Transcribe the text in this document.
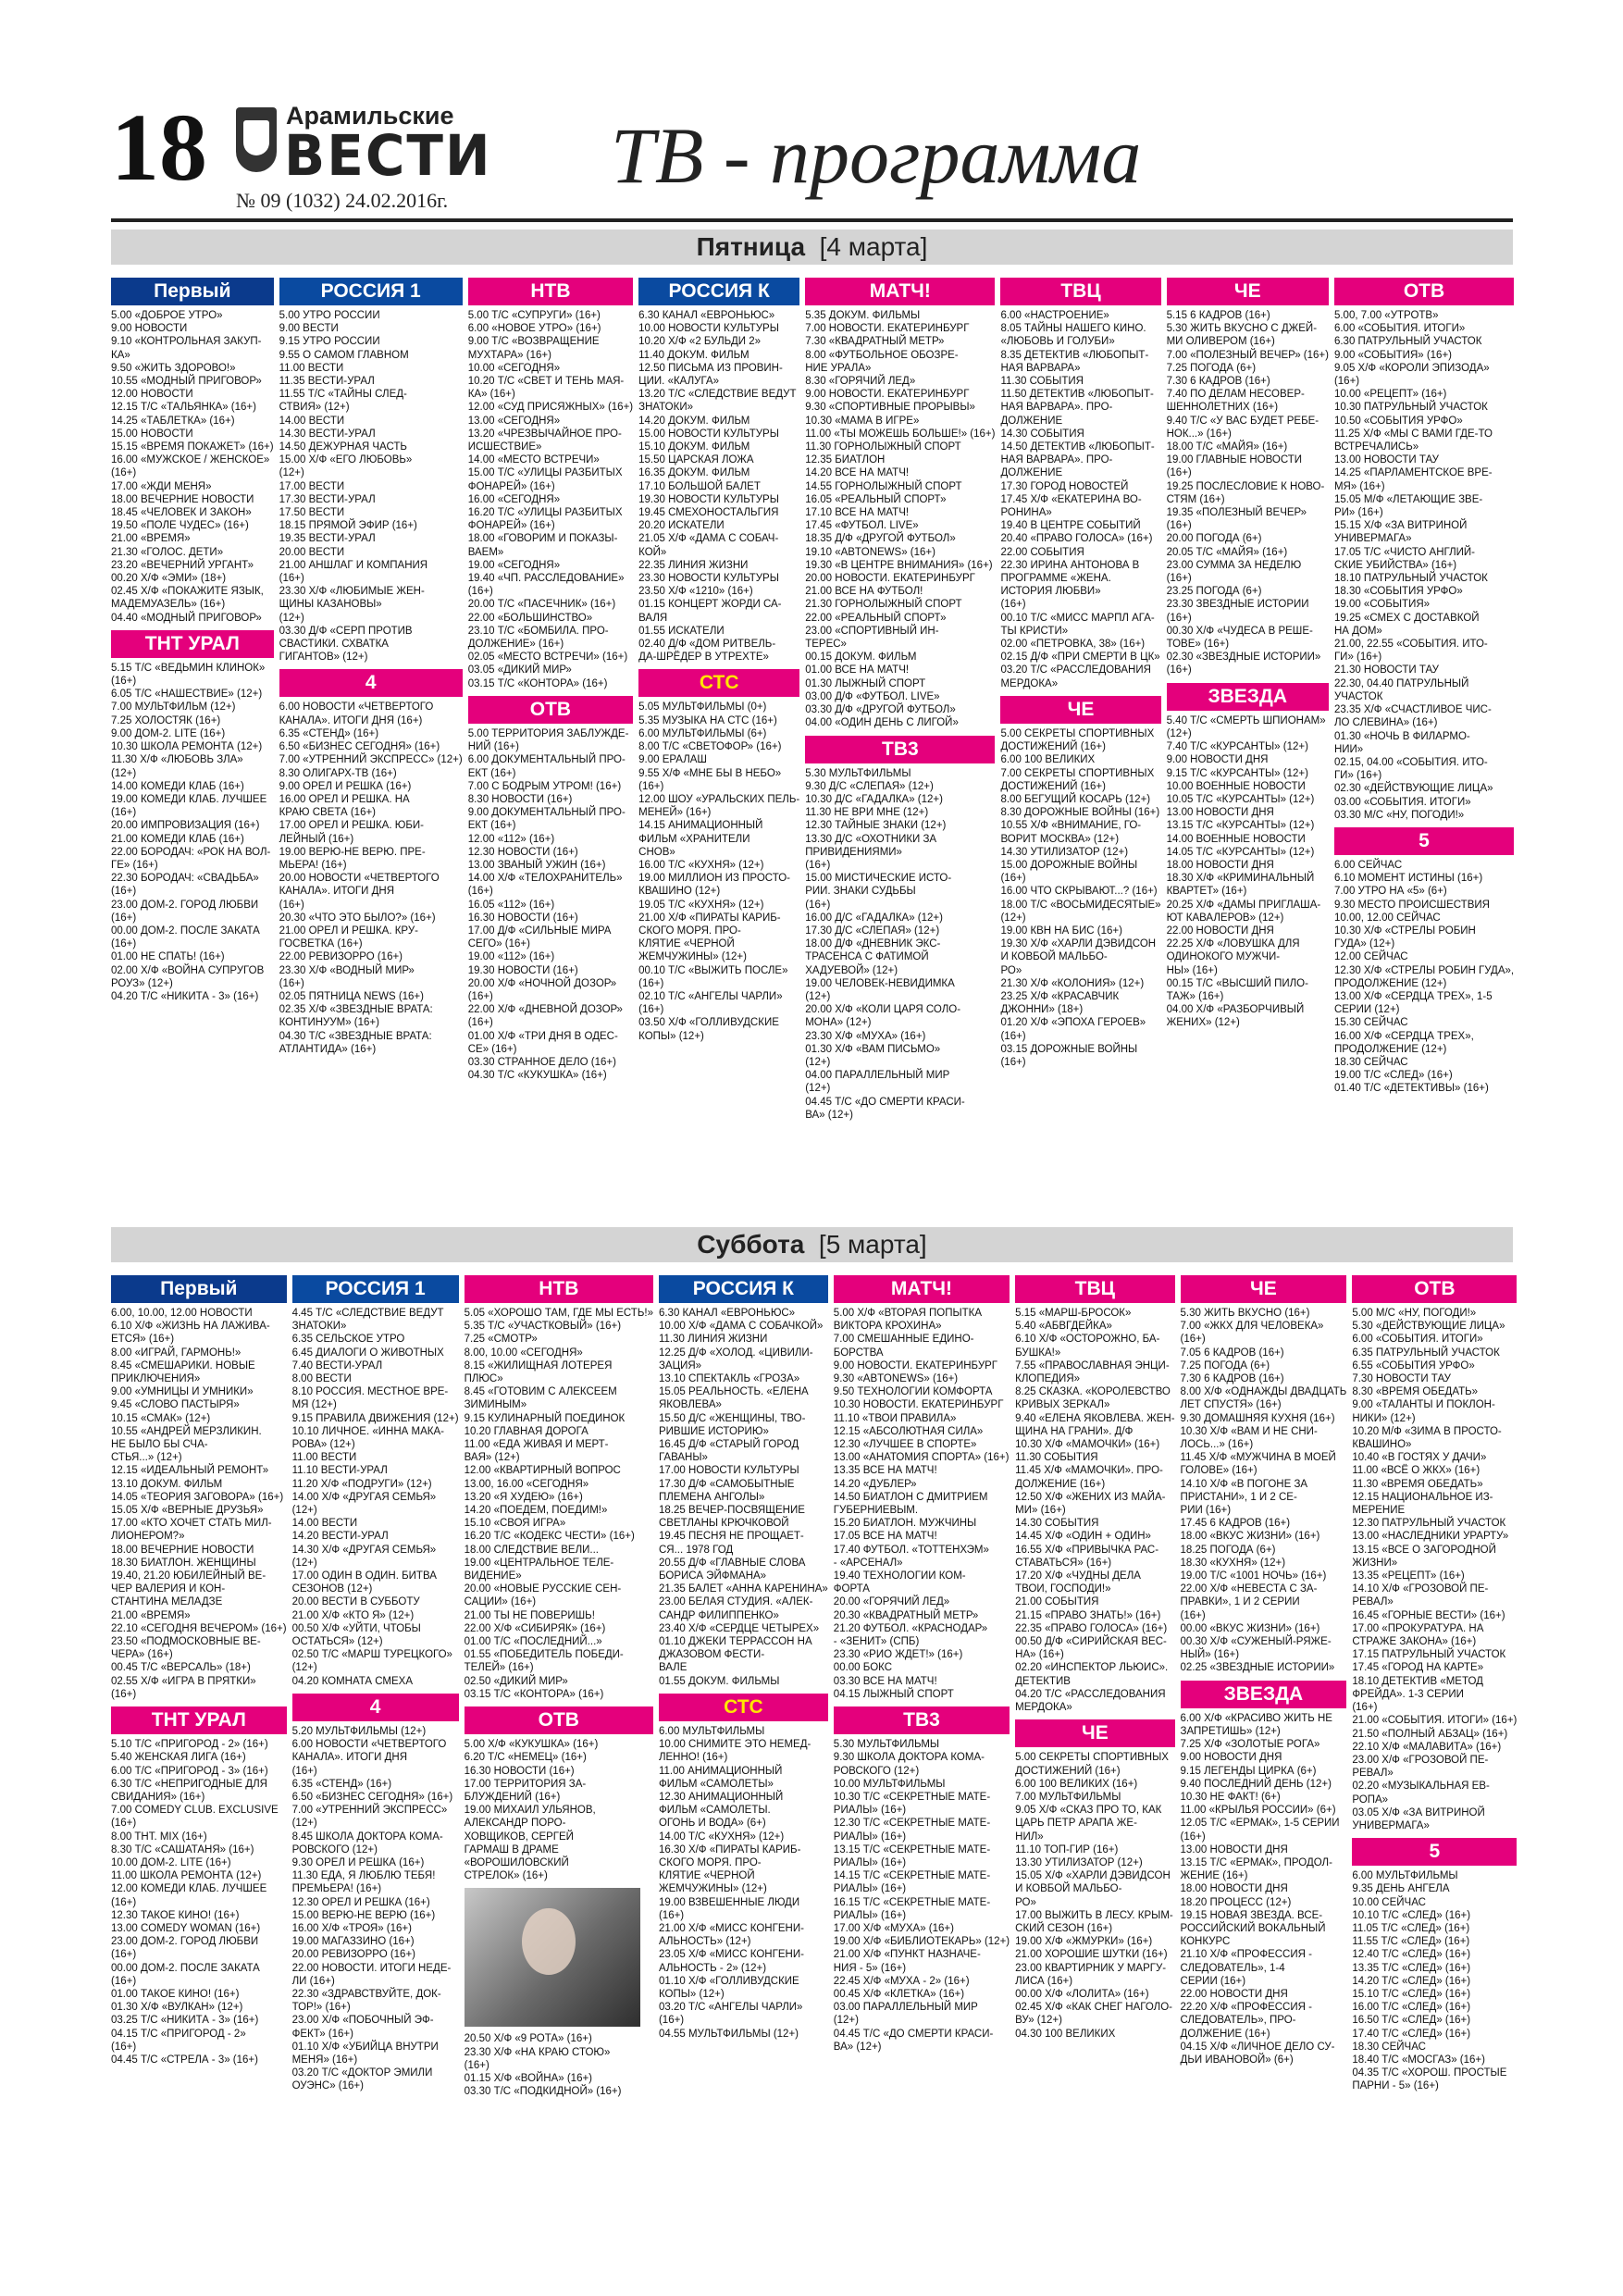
18	Арамильские
ВЕСТИ
№ 09 (1032) 24.02.2016г.
ТВ - программа
Пятница [4 марта]
Первый
5.00 «ДОБРОЕ УТРО»
9.00 НОВОСТИ
9.10 «КОНТРОЛЬНАЯ ЗАКУП-
КА»
9.50 «ЖИТЬ ЗДОРОВО!»
10.55 «МОДНЫЙ ПРИГОВОР»
12.00 НОВОСТИ
12.15 Т/С «ТАЛЬЯНКА» (16+)
14.25 «ТАБЛЕТКА» (16+)
15.00 НОВОСТИ
15.15 «ВРЕМЯ ПОКАЖЕТ» (16+)
16.00 «МУЖСКОЕ / ЖЕНСКОЕ»
(16+)
17.00 «ЖДИ МЕНЯ»
18.00 ВЕЧЕРНИЕ НОВОСТИ
18.45 «ЧЕЛОВЕК И ЗАКОН»
19.50 «ПОЛЕ ЧУДЕС» (16+)
21.00 «ВРЕМЯ»
21.30 «ГОЛОС. ДЕТИ»
23.20 «ВЕЧЕРНИЙ УРГАНТ»
00.20 Х/Ф «ЭМИ» (18+)
02.45 Х/Ф «ПОКАЖИТЕ ЯЗЫК,
МАДЕМУАЗЕЛЬ» (16+)
04.40 «МОДНЫЙ ПРИГОВОР»
ТНТ УРАЛ
5.15 Т/С «ВЕДЬМИН КЛИНОК»
(16+)
6.05 Т/С «НАШЕСТВИЕ» (12+)
7.00 МУЛЬТФИЛЬМ (12+)
7.25 ХОЛОСТЯК (16+)
9.00 ДОМ-2. LITE (16+)
10.30 ШКОЛА РЕМОНТА (12+)
11.30 Х/Ф «ЛЮБОВЬ ЗЛА»
(12+)
14.00 КОМЕДИ КЛАБ (16+)
19.00 КОМЕДИ КЛАБ. ЛУЧШЕЕ
(16+)
20.00 ИМПРОВИЗАЦИЯ (16+)
21.00 КОМЕДИ КЛАБ (16+)
22.00 БОРОДАЧ: «РОК НА ВОЛ-
ГЕ» (16+)
22.30 БОРОДАЧ: «СВАДЬБА»
(16+)
23.00 ДОМ-2. ГОРОД ЛЮБВИ
(16+)
00.00 ДОМ-2. ПОСЛЕ ЗАКАТА
(16+)
01.00 НЕ СПАТЬ! (16+)
02.00 Х/Ф «ВОЙНА СУПРУГОВ
РОУЗ» (12+)
04.20 Т/С «НИКИТА - 3» (16+)
РОССИЯ 1
5.00 УТРО РОССИИ
9.00 ВЕСТИ
9.15 УТРО РОССИИ
9.55 О САМОМ ГЛАВНОМ
11.00 ВЕСТИ
11.35 ВЕСТИ-УРАЛ
11.55 Т/С «ТАЙНЫ СЛЕД-
СТВИЯ» (12+)
14.00 ВЕСТИ
14.30 ВЕСТИ-УРАЛ
14.50 ДЕЖУРНАЯ ЧАСТЬ
15.00 Х/Ф «ЕГО ЛЮБОВЬ»
(12+)
17.00 ВЕСТИ
17.30 ВЕСТИ-УРАЛ
17.50 ВЕСТИ
18.15 ПРЯМОЙ ЭФИР (16+)
19.35 ВЕСТИ-УРАЛ
20.00 ВЕСТИ
21.00 АНШЛАГ И КОМПАНИЯ
(16+)
23.30 Х/Ф «ЛЮБИМЫЕ ЖЕН-
ЩИНЫ КАЗАНОВЫ»
(12+)
03.30 Д/Ф «СЕРП ПРОТИВ
СВАСТИКИ. СХВАТКА
ГИГАНТОВ» (12+)
4
6.00 НОВОСТИ «ЧЕТВЕРТОГО
КАНАЛА». ИТОГИ ДНЯ (16+)
6.35 «СТЕНД» (16+)
6.50 «БИЗНЕС СЕГОДНЯ» (16+)
7.00 «УТРЕННИЙ ЭКСПРЕСС» (12+)
8.30 ОЛИГАРХ-ТВ (16+)
9.00 ОРЕЛ И РЕШКА (16+)
16.00 ОРЕЛ И РЕШКА. НА
КРАЮ СВЕТА (16+)
17.00 ОРЕЛ И РЕШКА. ЮБИ-
ЛЕЙНЫЙ (16+)
19.00 ВЕРЮ-НЕ ВЕРЮ. ПРЕ-
МЬЕРА! (16+)
20.00 НОВОСТИ «ЧЕТВЕРТОГО
КАНАЛА». ИТОГИ ДНЯ
(16+)
20.30 «ЧТО ЭТО БЫЛО?» (16+)
21.00 ОРЕЛ И РЕШКА. КРУ-
ГОСВЕТКА (16+)
22.00 РЕВИЗОРРО (16+)
23.30 Х/Ф «ВОДНЫЙ МИР»
(16+)
02.05 ПЯТНИЦА NEWS (16+)
02.35 Х/Ф «ЗВЕЗДНЫЕ ВРАТА:
КОНТИНУУМ» (16+)
04.30 Т/С «ЗВЕЗДНЫЕ ВРАТА:
АТЛАНТИДА» (16+)
НТВ
5.00 Т/С «СУПРУГИ» (16+)
6.00 «НОВОЕ УТРО» (16+)
9.00 Т/С «ВОЗВРАЩЕНИЕ
МУХТАРА» (16+)
10.00 «СЕГОДНЯ»
10.20 Т/С «СВЕТ И ТЕНЬ МАЯ-
КА» (16+)
12.00 «СУД ПРИСЯЖНЫХ» (16+)
13.00 «СЕГОДНЯ»
13.20 «ЧРЕЗВЫЧАЙНОЕ ПРО-
ИСШЕСТВИЕ»
14.00 «МЕСТО ВСТРЕЧИ»
15.00 Т/С «УЛИЦЫ РАЗБИТЫХ
ФОНАРЕЙ» (16+)
16.00 «СЕГОДНЯ»
16.20 Т/С «УЛИЦЫ РАЗБИТЫХ
ФОНАРЕЙ» (16+)
18.00 «ГОВОРИМ И ПОКАЗЫ-
ВАЕМ»
19.00 «СЕГОДНЯ»
19.40 «ЧП. РАССЛЕДОВАНИЕ»
(16+)
20.00 Т/С «ПАСЕЧНИК» (16+)
22.00 «БОЛЬШИНСТВО»
23.10 Т/С «БОМБИЛА. ПРО-
ДОЛЖЕНИЕ» (16+)
02.05 «МЕСТО ВСТРЕЧИ» (16+)
03.05 «ДИКИЙ МИР»
03.15 Т/С «КОНТОРА» (16+)
ОТВ
5.00 ТЕРРИТОРИЯ ЗАБЛУЖДЕ-
НИЙ (16+)
6.00 ДОКУМЕНТАЛЬНЫЙ ПРО-
ЕКТ (16+)
7.00 С БОДРЫМ УТРОМ! (16+)
8.30 НОВОСТИ (16+)
9.00 ДОКУМЕНТАЛЬНЫЙ ПРО-
ЕКТ (16+)
12.00 «112» (16+)
12.30 НОВОСТИ (16+)
13.00 ЗВАНЫЙ УЖИН (16+)
14.00 Х/Ф «ТЕЛОХРАНИТЕЛЬ»
(16+)
16.05 «112» (16+)
16.30 НОВОСТИ (16+)
17.00 Д/Ф «СИЛЬНЫЕ МИРА
СЕГО» (16+)
19.00 «112» (16+)
19.30 НОВОСТИ (16+)
20.00 Х/Ф «НОЧНОЙ ДОЗОР»
(16+)
22.00 Х/Ф «ДНЕВНОЙ ДОЗОР»
(16+)
01.00 Х/Ф «ТРИ ДНЯ В ОДЕС-
СЕ» (16+)
03.30 СТРАННОЕ ДЕЛО (16+)
04.30 Т/С «КУКУШКА» (16+)
РОССИЯ К
6.30 КАНАЛ «ЕВРОНЬЮС»
10.00 НОВОСТИ КУЛЬТУРЫ
10.20 Х/Ф «2 БУЛЬДИ 2»
11.40 ДОКУМ. ФИЛЬМ
12.50 ПИСЬМА ИЗ ПРОВИН-
ЦИИ. «КАЛУГА»
13.20 Т/С «СЛЕДСТВИЕ ВЕДУТ
ЗНАТОКИ»
14.20 ДОКУМ. ФИЛЬМ
15.00 НОВОСТИ КУЛЬТУРЫ
15.10 ДОКУМ. ФИЛЬМ
15.50 ЦАРСКАЯ ЛОЖА
16.35 ДОКУМ. ФИЛЬМ
17.10 БОЛЬШОЙ БАЛЕТ
19.30 НОВОСТИ КУЛЬТУРЫ
19.45 СМЕХОНОСТАЛЬГИЯ
20.20 ИСКАТЕЛИ
21.05 Х/Ф «ДАМА С СОБАЧ-
КОЙ»
22.35 ЛИНИЯ ЖИЗНИ
23.30 НОВОСТИ КУЛЬТУРЫ
23.50 Х/Ф «1210» (16+)
01.15 КОНЦЕРТ ЖОРДИ СА-
ВАЛЯ
01.55 ИСКАТЕЛИ
02.40 Д/Ф «ДОМ РИТВЕЛЬ-
ДА-ШРЁДЕР В УТРЕХТЕ»
СТС
5.05 МУЛЬТФИЛЬМЫ (0+)
5.35 МУЗЫКА НА СТС (16+)
6.00 МУЛЬТФИЛЬМЫ (6+)
8.00 Т/С «СВЕТОФОР» (16+)
9.00 ЕРАЛАШ
9.55 Х/Ф «МНЕ БЫ В НЕБО»
(16+)
12.00 ШОУ «УРАЛЬСКИХ ПЕЛЬ-
МЕНЕЙ» (16+)
14.15 АНИМАЦИОННЫЙ
ФИЛЬМ «ХРАНИТЕЛИ
СНОВ»
16.00 Т/С «КУХНЯ» (12+)
19.00 МИЛЛИОН ИЗ ПРОСТО-
КВАШИНО (12+)
19.05 Т/С «КУХНЯ» (12+)
21.00 Х/Ф «ПИРАТЫ КАРИБ-
СКОГО МОРЯ. ПРО-
КЛЯТИЕ «ЧЕРНОЙ
ЖЕМЧУЖИНЫ» (12+)
00.10 Т/С «ВЫЖИТЬ ПОСЛЕ»
(16+)
02.10 Т/С «АНГЕЛЫ ЧАРЛИ»
(16+)
03.50 Х/Ф «ГОЛЛИВУДСКИЕ
КОПЫ» (12+)
МАТЧ!
5.35 ДОКУМ. ФИЛЬМЫ
7.00 НОВОСТИ. ЕКАТЕРИНБУРГ
7.30 «КВАДРАТНЫЙ МЕТР»
8.00 «ФУТБОЛЬНОЕ ОБОЗРЕ-
НИЕ УРАЛА»
8.30 «ГОРЯЧИЙ ЛЕД»
9.00 НОВОСТИ. ЕКАТЕРИНБУРГ
9.30 «СПОРТИВНЫЕ ПРОРЫВЫ»
10.30 «МАМА В ИГРЕ»
11.00 «ТЫ МОЖЕШЬ БОЛЬШЕ!» (16+)
11.30 ГОРНОЛЫЖНЫЙ СПОРТ
12.35 БИАТЛОН
14.20 ВСЕ НА МАТЧ!
14.55 ГОРНОЛЫЖНЫЙ СПОРТ
16.05 «РЕАЛЬНЫЙ СПОРТ»
17.10 ВСЕ НА МАТЧ!
17.45 «ФУТБОЛ. LIVE»
18.35 Д/Ф «ДРУГОЙ ФУТБОЛ»
19.10 «ABTONEWS» (16+)
19.30 «В ЦЕНТРЕ ВНИМАНИЯ» (16+)
20.00 НОВОСТИ. ЕКАТЕРИНБУРГ
21.00 ВСЕ НА ФУТБОЛ!
21.30 ГОРНОЛЫЖНЫЙ СПОРТ
22.00 «РЕАЛЬНЫЙ СПОРТ»
23.00 «СПОРТИВНЫЙ ИН-
ТЕРЕС»
00.15 ДОКУМ. ФИЛЬМ
01.00 ВСЕ НА МАТЧ!
01.30 ЛЫЖНЫЙ СПОРТ
03.00 Д/Ф «ФУТБОЛ. LIVE»
03.30 Д/Ф «ДРУГОЙ ФУТБОЛ»
04.00 «ОДИН ДЕНЬ С ЛИГОЙ»
ТВ3
5.30 МУЛЬТФИЛЬМЫ
9.30 Д/С «СЛЕПАЯ» (12+)
10.30 Д/С «ГАДАЛКА» (12+)
11.30 НЕ ВРИ МНЕ (12+)
12.30 ТАЙНЫЕ ЗНАКИ (12+)
13.30 Д/С «ОХОТНИКИ ЗА
ПРИВИДЕНИЯМИ»
(16+)
15.00 МИСТИЧЕСКИЕ ИСТО-
РИИ. ЗНАКИ СУДЬБЫ
(16+)
16.00 Д/С «ГАДАЛКА» (12+)
17.30 Д/С «СЛЕПАЯ» (12+)
18.00 Д/Ф «ДНЕВНИК ЭКС-
ТРАСЕНСА С ФАТИМОЙ
ХАДУЕВОЙ» (12+)
19.00 ЧЕЛОВЕК-НЕВИДИМКА
(12+)
20.00 Х/Ф «КОЛИ ЦАРЯ СОЛО-
МОНА» (12+)
23.30 Х/Ф «МУХА» (16+)
01.30 Х/Ф «ВАМ ПИСЬМО»
(12+)
04.00 ПАРАЛЛЕЛЬНЫЙ МИР
(12+)
04.45 Т/С «ДО СМЕРТИ КРАСИ-
ВА» (12+)
ТВЦ
6.00 «НАСТРОЕНИЕ»
8.05 ТАЙНЫ НАШЕГО КИНО.
«ЛЮБОВЬ И ГОЛУБИ»
8.35 ДЕТЕКТИВ «ЛЮБОПЫТ-
НАЯ ВАРВАРА»
11.30 СОБЫТИЯ
11.50 ДЕТЕКТИВ «ЛЮБОПЫТ-
НАЯ ВАРВАРА». ПРО-
ДОЛЖЕНИЕ
14.30 СОБЫТИЯ
14.50 ДЕТЕКТИВ «ЛЮБОПЫТ-
НАЯ ВАРВАРА». ПРО-
ДОЛЖЕНИЕ
17.30 ГОРОД НОВОСТЕЙ
17.45 Х/Ф «ЕКАТЕРИНА ВО-
РОНИНА»
19.40 В ЦЕНТРЕ СОБЫТИЙ
20.40 «ПРАВО ГОЛОСА» (16+)
22.00 СОБЫТИЯ
22.30 ИРИНА АНТОНОВА В
ПРОГРАММЕ «ЖЕНА.
ИСТОРИЯ ЛЮБВИ»
(16+)
00.10 Т/С «МИСС МАРПЛ АГА-
ТЫ КРИСТИ»
02.00 «ПЕТРОВКА, 38» (16+)
02.15 Д/Ф «ПРИ СМЕРТИ В ЦК»
03.20 Т/С «РАССЛЕДОВАНИЯ
МЕРДОКА»
ЧЕ
5.00 СЕКРЕТЫ СПОРТИВНЫХ
ДОСТИЖЕНИЙ (16+)
6.00 100 ВЕЛИКИХ
7.00 СЕКРЕТЫ СПОРТИВНЫХ
ДОСТИЖЕНИЙ (16+)
8.00 БЕГУЩИЙ КОСАРЬ (12+)
8.30 ДОРОЖНЫЕ ВОЙНЫ (16+)
10.55 Х/Ф «ВНИМАНИЕ, ГО-
ВОРИТ МОСКВА» (12+)
14.30 УТИЛИЗАТОР (12+)
15.00 ДОРОЖНЫЕ ВОЙНЫ
(16+)
16.00 ЧТО СКРЫВАЮТ...? (16+)
18.00 Т/С «ВОСЬМИДЕСЯТЫЕ»
(12+)
19.00 КВН НА БИС (16+)
19.30 Х/Ф «ХАРЛИ ДЭВИДСОН
И КОВБОЙ МАЛЬБО-
РО»
21.30 Х/Ф «КОЛОНИЯ» (12+)
23.25 Х/Ф «КРАСАВЧИК
ДЖОННИ» (18+)
01.20 Х/Ф «ЭПОХА ГЕРОЕВ»
(16+)
03.15 ДОРОЖНЫЕ ВОЙНЫ
(16+)
ЧЕ
5.15 6 КАДРОВ (16+)
5.30 ЖИТЬ ВКУСНО С ДЖЕЙ-
МИ ОЛИВЕРОМ (16+)
7.00 «ПОЛЕЗНЫЙ ВЕЧЕР» (16+)
7.25 ПОГОДА (6+)
7.30 6 КАДРОВ (16+)
7.40 ПО ДЕЛАМ НЕСОВЕР-
ШЕННОЛЕТНИХ (16+)
9.40 Т/С «У ВАС БУДЕТ РЕБЕ-
НОК...» (16+)
18.00 Т/С «МАЙЯ» (16+)
19.00 ГЛАВНЫЕ НОВОСТИ
(16+)
19.25 ПОСЛЕСЛОВИЕ К НОВО-
СТЯМ (16+)
19.35 «ПОЛЕЗНЫЙ ВЕЧЕР»
(16+)
20.00 ПОГОДА (6+)
20.05 Т/С «МАЙЯ» (16+)
23.00 СУММА ЗА НЕДЕЛЮ
(16+)
23.25 ПОГОДА (6+)
23.30 ЗВЕЗДНЫЕ ИСТОРИИ
(16+)
00.30 Х/Ф «ЧУДЕСА В РЕШЕ-
ТОВЕ» (16+)
02.30 «ЗВЕЗДНЫЕ ИСТОРИИ»
(16+)
ЗВЕЗДА
5.40 Т/С «СМЕРТЬ ШПИОНАМ»
(12+)
7.40 Т/С «КУРСАНТЫ» (12+)
9.00 НОВОСТИ ДНЯ
9.15 Т/С «КУРСАНТЫ» (12+)
10.00 ВОЕННЫЕ НОВОСТИ
10.05 Т/С «КУРСАНТЫ» (12+)
13.00 НОВОСТИ ДНЯ
13.15 Т/С «КУРСАНТЫ» (12+)
14.00 ВОЕННЫЕ НОВОСТИ
14.05 Т/С «КУРСАНТЫ» (12+)
18.00 НОВОСТИ ДНЯ
18.30 Х/Ф «КРИМИНАЛЬНЫЙ
КВАРТЕТ» (16+)
20.25 Х/Ф «ДАМЫ ПРИГЛАША-
ЮТ КАВАЛЕРОВ» (12+)
22.00 НОВОСТИ ДНЯ
22.25 Х/Ф «ЛОВУШКА ДЛЯ
ОДИНОКОГО МУЖЧИ-
НЫ» (16+)
00.15 Т/С «ВЫСШИЙ ПИЛО-
ТАЖ» (16+)
04.00 Х/Ф «РАЗБОРЧИВЫЙ
ЖЕНИХ» (12+)
ОТВ
5.00, 7.00 «УТРОТВ»
6.00 «СОБЫТИЯ. ИТОГИ»
6.30 ПАТРУЛЬНЫЙ УЧАСТОК
9.00 «СОБЫТИЯ» (16+)
9.05 Х/Ф «КОРОЛИ ЭПИЗОДА»
(16+)
10.00 «РЕЦЕПТ» (16+)
10.30 ПАТРУЛЬНЫЙ УЧАСТОК
10.50 «СОБЫТИЯ УРФО»
11.25 Х/Ф «МЫ С ВАМИ ГДЕ-ТО
ВСТРЕЧАЛИСЬ»
13.00 НОВОСТИ ТАУ
14.25 «ПАРЛАМЕНТСКОЕ ВРЕ-
МЯ» (16+)
15.05 М/Ф «ЛЕТАЮЩИЕ ЗВЕ-
РИ» (16+)
15.15 Х/Ф «ЗА ВИТРИНОЙ
УНИВЕРМАГА»
17.05 Т/С «ЧИСТО АНГЛИЙ-
СКИЕ УБИЙСТВА» (16+)
18.10 ПАТРУЛЬНЫЙ УЧАСТОК
18.30 «СОБЫТИЯ УРФО»
19.00 «СОБЫТИЯ»
19.25 «СМЕХ С ДОСТАВКОЙ
НА ДОМ»
21.00, 22.55 «СОБЫТИЯ. ИТО-
ГИ» (16+)
21.30 НОВОСТИ ТАУ
22.30, 04.40 ПАТРУЛЬНЫЙ
УЧАСТОК
23.35 Х/Ф «СЧАСТЛИВОЕ ЧИС-
ЛО СЛЕВИНА» (16+)
01.30 «НОЧЬ В ФИЛАРМО-
НИИ»
02.15, 04.00 «СОБЫТИЯ. ИТО-
ГИ» (16+)
02.30 «ДЕЙСТВУЮЩИЕ ЛИЦА»
03.00 «СОБЫТИЯ. ИТОГИ»
03.30 М/С «НУ, ПОГОДИ!»
5
6.00 СЕЙЧАС
6.10 МОМЕНТ ИСТИНЫ (16+)
7.00 УТРО НА «5» (6+)
9.30 МЕСТО ПРОИСШЕСТВИЯ
10.00, 12.00 СЕЙЧАС
10.30 Х/Ф «СТРЕЛЫ РОБИН
ГУДА» (12+)
12.00 СЕЙЧАС
12.30 Х/Ф «СТРЕЛЫ РОБИН ГУДА»,
ПРОДОЛЖЕНИЕ (12+)
13.00 Х/Ф «СЕРДЦА ТРЕХ», 1-5
СЕРИИ (12+)
15.30 СЕЙЧАС
16.00 Х/Ф «СЕРДЦА ТРЕХ»,
ПРОДОЛЖЕНИЕ (12+)
18.30 СЕЙЧАС
19.00 Т/С «СЛЕД» (16+)
01.40 Т/С «ДЕТЕКТИВЫ» (16+)
Суббота [5 марта]
Первый
6.00, 10.00, 12.00 НОВОСТИ
6.10 Х/Ф «ЖИЗНЬ НА ЛАЖИВА-
ЕТСЯ» (16+)
8.00 «ИГРАЙ, ГАРМОНЬ!»
8.45 «СМЕШАРИКИ. НОВЫЕ
ПРИКЛЮЧЕНИЯ»
9.00 «УМНИЦЫ И УМНИКИ»
9.45 «СЛОВО ПАСТЫРЯ»
10.15 «СМАК» (12+)
10.55 «АНДРЕЙ МЕРЗЛИКИН.
НЕ БЫЛО БЫ СЧА-
СТЬЯ...» (12+)
12.15 «ИДЕАЛЬНЫЙ РЕМОНТ»
13.10 ДОКУМ. ФИЛЬМ
14.05 «ТЕОРИЯ ЗАГОВОРА» (16+)
15.05 Х/Ф «ВЕРНЫЕ ДРУЗЬЯ»
17.00 «КТО ХОЧЕТ СТАТЬ МИЛ-
ЛИОНЕРОМ?»
18.00 ВЕЧЕРНИЕ НОВОСТИ
18.30 БИАТЛОН. ЖЕНЩИНЫ
19.40, 21.20 ЮБИЛЕЙНЫЙ ВЕ-
ЧЕР ВАЛЕРИЯ И КОН-
СТАНТИНА МЕЛАДЗЕ
21.00 «ВРЕМЯ»
22.10 «СЕГОДНЯ ВЕЧЕРОМ» (16+)
23.50 «ПОДМОСКОВНЫЕ ВЕ-
ЧЕРА» (16+)
00.45 Т/С «ВЕРСАЛЬ» (18+)
02.55 Х/Ф «ИГРА В ПРЯТКИ»
(16+)
ТНТ УРАЛ
5.10 Т/С «ПРИГОРОД - 2» (16+)
5.40 ЖЕНСКАЯ ЛИГА (16+)
6.00 Т/С «ПРИГОРОД - 3» (16+)
6.30 Т/С «НЕПРИГОДНЫЕ ДЛЯ
СВИДАНИЯ» (16+)
7.00 COMEDY CLUB. EXCLUSIVE
(16+)
8.00 THT. MIX (16+)
8.30 Т/С «САШАТАНЯ» (16+)
10.00 ДОМ-2. LITE (16+)
11.00 ШКОЛА РЕМОНТА (12+)
12.00 КОМЕДИ КЛАБ. ЛУЧШЕЕ
(16+)
12.30 ТАКОЕ КИНО! (16+)
13.00 COMEDY WOMAN (16+)
23.00 ДОМ-2. ГОРОД ЛЮБВИ
(16+)
00.00 ДОМ-2. ПОСЛЕ ЗАКАТА
(16+)
01.00 ТАКОЕ КИНО! (16+)
01.30 Х/Ф «ВУЛКАН» (12+)
03.25 Т/С «НИКИТА - 3» (16+)
04.15 Т/С «ПРИГОРОД - 2»
(16+)
04.45 Т/С «СТРЕЛА - 3» (16+)
РОССИЯ 1
4.45 Т/С «СЛЕДСТВИЕ ВЕДУТ
ЗНАТОКИ»
6.35 СЕЛЬСКОЕ УТРО
6.45 ДИАЛОГИ О ЖИВОТНЫХ
7.40 ВЕСТИ-УРАЛ
8.00 ВЕСТИ
8.10 РОССИЯ. МЕСТНОЕ ВРЕ-
МЯ (12+)
9.15 ПРАВИЛА ДВИЖЕНИЯ (12+)
10.10 ЛИЧНОЕ. «ИННА МАКА-
РОВА» (12+)
11.00 ВЕСТИ
11.10 ВЕСТИ-УРАЛ
11.20 Х/Ф «ПОДРУГИ» (12+)
14.00 Х/Ф «ДРУГАЯ СЕМЬЯ»
(12+)
14.00 ВЕСТИ
14.20 ВЕСТИ-УРАЛ
14.30 Х/Ф «ДРУГАЯ СЕМЬЯ»
(12+)
17.00 ОДИН В ОДИН. БИТВА
СЕЗОНОВ (12+)
20.00 ВЕСТИ В СУББОТУ
21.00 Х/Ф «КТО Я» (12+)
00.50 Х/Ф «УЙТИ, ЧТОБЫ
ОСТАТЬСЯ» (12+)
02.50 Т/С «МАРШ ТУРЕЦКОГО»
(12+)
04.20 КОМНАТА СМЕХА
4
5.20 МУЛЬТФИЛЬМЫ (12+)
6.00 НОВОСТИ «ЧЕТВЕРТОГО
КАНАЛА». ИТОГИ ДНЯ
(16+)
6.35 «СТЕНД» (16+)
6.50 «БИЗНЕС СЕГОДНЯ» (16+)
7.00 «УТРЕННИЙ ЭКСПРЕСС»
(12+)
8.45 ШКОЛА ДОКТОРА КОМА-
РОВСКОГО (12+)
9.30 ОРЕЛ И РЕШКА (16+)
11.30 ЕДА, Я ЛЮБЛЮ ТЕБЯ!
ПРЕМЬЕРА! (16+)
12.30 ОРЕЛ И РЕШКА (16+)
15.00 ВЕРЮ-НЕ ВЕРЮ (16+)
16.00 Х/Ф «ТРОЯ» (16+)
19.00 МАГАЗЗИНО (16+)
20.00 РЕВИЗОРРО (16+)
22.00 НОВОСТИ. ИТОГИ НЕДЕ-
ЛИ (16+)
22.30 «ЗДРАВСТВУЙТЕ, ДОК-
ТОР!» (16+)
23.00 Х/Ф «ПОБОЧНЫЙ ЭФ-
ФЕКТ» (16+)
01.10 Х/Ф «УБИЙЦА ВНУТРИ
МЕНЯ» (16+)
03.20 Т/С «ДОКТОР ЭМИЛИ
ОУЭНС» (16+)
НТВ
5.05 «ХОРОШО ТАМ, ГДЕ МЫ ЕСТЬ!»
5.35 Т/С «УЧАСТКОВЫЙ» (16+)
7.25 «СМОТР»
8.00, 10.00 «СЕГОДНЯ»
8.15 «ЖИЛИЩНАЯ ЛОТЕРЕЯ
ПЛЮС»
8.45 «ГОТОВИМ С АЛЕКСЕЕМ
ЗИМИНЫМ»
9.15 КУЛИНАРНЫЙ ПОЕДИНОК
10.20 ГЛАВНАЯ ДОРОГА
11.00 «ЕДА ЖИВАЯ И МЕРТ-
ВАЯ» (12+)
12.00 «КВАРТИРНЫЙ ВОПРОС
13.00, 16.00 «СЕГОДНЯ»
13.20 «Я ХУДЕЮ» (16+)
14.20 «ПОЕДЕМ, ПОЕДИМ!»
15.10 «СВОЯ ИГРА»
16.20 Т/С «КОДЕКС ЧЕСТИ» (16+)
18.00 СЛЕДСТВИЕ ВЕЛИ...
19.00 «ЦЕНТРАЛЬНОЕ ТЕЛЕ-
ВИДЕНИЕ»
20.00 «НОВЫЕ РУССКИЕ СЕН-
САЦИИ» (16+)
21.00 ТЫ НЕ ПОВЕРИШЬ!
22.00 Х/Ф «СИБИРЯК» (16+)
01.00 Т/С «ПОСЛЕДНИЙ...»
01.55 «ПОБЕДИТЕЛЬ ПОБЕДИ-
ТЕЛЕЙ» (16+)
02.50 «ДИКИЙ МИР»
03.15 Т/С «КОНТОРА» (16+)
ОТВ
5.00 Х/Ф «КУКУШКА» (16+)
6.20 Т/С «НЕМЕЦ» (16+)
16.30 НОВОСТИ (16+)
17.00 ТЕРРИТОРИЯ ЗА-
БЛУЖДЕНИЙ (16+)
19.00 МИХАИЛ УЛЬЯНОВ,
АЛЕКСАНДР ПОРО-
ХОВЩИКОВ, СЕРГЕЙ
ГАРМАШ В ДРАМЕ
«ВОРОШИЛОВСКИЙ
СТРЕЛОК» (16+)
20.50 Х/Ф «9 РОТА» (16+)
23.30 Х/Ф «НА КРАЮ СТОЮ»
(16+)
01.15 Х/Ф «ВОЙНА» (16+)
03.30 Т/С «ПОДКИДНОЙ» (16+)
РОССИЯ К
6.30 КАНАЛ «ЕВРОНЬЮС»
10.00 Х/Ф «ДАМА С СОБАЧКОЙ»
11.30 ЛИНИЯ ЖИЗНИ
12.25 Д/Ф «ХОЛОД. «ЦИВИЛИ-
ЗАЦИЯ»
13.10 СПЕКТАКЛЬ «ГРОЗА»
15.05 РЕАЛЬНОСТЬ. «ЕЛЕНА
ЯКОВЛЕВА»
15.50 Д/С «ЖЕНЩИНЫ, ТВО-
РИВШИЕ ИСТОРИЮ»
16.45 Д/Ф «СТАРЫЙ ГОРОД
ГАВАНЫ»
17.00 НОВОСТИ КУЛЬТУРЫ
17.30 Д/Ф «САМОБЫТНЫЕ
ПЛЕМЕНА АНГОЛЫ»
18.25 ВЕЧЕР-ПОСВЯЩЕНИЕ
СВЕТЛАНЫ КРЮЧКОВОЙ
19.45 ПЕСНЯ НЕ ПРОЩАЕТ-
СЯ... 1978 ГОД
20.55 Д/Ф «ГЛАВНЫЕ СЛОВА
БОРИСА ЭЙФМАНА»
21.35 БАЛЕТ «АННА КАРЕНИНА»
23.00 БЕЛАЯ СТУДИЯ. «АЛЕК-
САНДР ФИЛИППЕНКО»
23.40 Х/Ф «СЕРДЦЕ ЧЕТЫРЕХ»
01.10 ДЖЕКИ ТЕРРАССОН НА
ДЖАЗОВОМ ФЕСТИ-
ВАЛЕ
01.55 ДОКУМ. ФИЛЬМЫ
СТС
6.00 МУЛЬТФИЛЬМЫ
10.00 СНИМИТЕ ЭТО НЕМЕД-
ЛЕННО! (16+)
11.00 АНИМАЦИОННЫЙ
ФИЛЬМ «САМОЛЕТЫ»
12.30 АНИМАЦИОННЫЙ
ФИЛЬМ «САМОЛЕТЫ.
ОГОНЬ И ВОДА» (6+)
14.00 Т/С «КУХНЯ» (12+)
16.30 Х/Ф «ПИРАТЫ КАРИБ-
СКОГО МОРЯ. ПРО-
КЛЯТИЕ «ЧЕРНОЙ
ЖЕМЧУЖИНЫ» (12+)
19.00 ВЗВЕШЕННЫЕ ЛЮДИ
(16+)
21.00 Х/Ф «МИСС КОНГЕНИ-
АЛЬНОСТЬ» (12+)
23.05 Х/Ф «МИСС КОНГЕНИ-
АЛЬНОСТЬ - 2» (12+)
01.10 Х/Ф «ГОЛЛИВУДСКИЕ
КОПЫ» (12+)
03.20 Т/С «АНГЕЛЫ ЧАРЛИ»
(16+)
04.55 МУЛЬТФИЛЬМЫ (12+)
МАТЧ!
5.00 Х/Ф «ВТОРАЯ ПОПЫТКА
ВИКТОРА КРОХИНА»
7.00 СМЕШАННЫЕ ЕДИНО-
БОРСТВА
9.00 НОВОСТИ. ЕКАТЕРИНБУРГ
9.30 «ABTONEWS» (16+)
9.50 ТЕХНОЛОГИИ КОМФОРТА
10.30 НОВОСТИ. ЕКАТЕРИНБУРГ
11.10 «ТВОИ ПРАВИЛА»
12.15 «АБСОЛЮТНАЯ СИЛА»
12.30 «ЛУЧШЕЕ В СПОРТЕ»
13.00 «АНАТОМИЯ СПОРТА» (16+)
13.35 ВСЕ НА МАТЧ!
14.20 «ДУБЛЕР»
14.50 БИАТЛОН С ДМИТРИЕМ
ГУБЕРНИЕВЫМ.
15.20 БИАТЛОН. МУЖЧИНЫ
17.05 ВСЕ НА МАТЧ!
17.40 ФУТБОЛ. «ТОТТЕНХЭМ»
- «АРСЕНАЛ»
19.40 ТЕХНОЛОГИИ КОМ-
ФОРТА
20.00 «ГОРЯЧИЙ ЛЕД»
20.30 «КВАДРАТНЫЙ МЕТР»
21.20 ФУТБОЛ. «КРАСНОДАР»
- «ЗЕНИТ» (СПБ)
23.30 «РИО ЖДЕТ!» (16+)
00.00 БОКС
03.30 ВСЕ НА МАТЧ!
04.15 ЛЫЖНЫЙ СПОРТ
ТВ3
5.30 МУЛЬТФИЛЬМЫ
9.30 ШКОЛА ДОКТОРА КОМА-
РОВСКОГО (12+)
10.00 МУЛЬТФИЛЬМЫ
10.30 Т/С «СЕКРЕТНЫЕ МАТЕ-
РИАЛЫ» (16+)
12.30 Т/С «СЕКРЕТНЫЕ МАТЕ-
РИАЛЫ» (16+)
13.15 Т/С «СЕКРЕТНЫЕ МАТЕ-
РИАЛЫ» (16+)
14.15 Т/С «СЕКРЕТНЫЕ МАТЕ-
РИАЛЫ» (16+)
16.15 Т/С «СЕКРЕТНЫЕ МАТЕ-
РИАЛЫ» (16+)
17.00 Х/Ф «МУХА» (16+)
19.00 Х/Ф «БИБЛИОТЕКАРЬ» (12+)
21.00 Х/Ф «ПУНКТ НАЗНАЧЕ-
НИЯ - 5» (16+)
22.45 Х/Ф «МУХА - 2» (16+)
00.45 Х/Ф «КЛЕТКА» (16+)
03.00 ПАРАЛЛЕЛЬНЫЙ МИР
(12+)
04.45 Т/С «ДО СМЕРТИ КРАСИ-
ВА» (12+)
ТВЦ
5.15 «МАРШ-БРОСОК»
5.40 «АБВГДЕЙКА»
6.10 Х/Ф «ОСТОРОЖНО, БА-
БУШКА!»
7.55 «ПРАВОСЛАВНАЯ ЭНЦИ-
КЛОПЕДИЯ»
8.25 СКАЗКА. «КОРОЛЕВСТВО
КРИВЫХ ЗЕРКАЛ»
9.40 «ЕЛЕНА ЯКОВЛЕВА. ЖЕН-
ЩИНА НА ГРАНИ». Д/Ф
10.30 Х/Ф «МАМОЧКИ» (16+)
11.30 СОБЫТИЯ
11.45 Х/Ф «МАМОЧКИ». ПРО-
ДОЛЖЕНИЕ (16+)
12.50 Х/Ф «ЖЕНИХ ИЗ МАЙА-
МИ» (16+)
14.30 СОБЫТИЯ
14.45 Х/Ф «ОДИН + ОДИН»
16.55 Х/Ф «ПРИВЫЧКА РАС-
СТАВАТЬСЯ» (16+)
17.20 Х/Ф «ЧУДНЫ ДЕЛА
ТВОИ, ГОСПОДИ!»
21.00 СОБЫТИЯ
21.15 «ПРАВО ЗНАТЬ!» (16+)
22.35 «ПРАВО ГОЛОСА» (16+)
00.50 Д/Ф «СИРИЙСКАЯ ВЕС-
НА» (16+)
02.20 «ИНСПЕКТОР ЛЬЮИС».
ДЕТЕКТИВ
04.20 Т/С «РАССЛЕДОВАНИЯ
МЕРДОКА»
ЧЕ
5.00 СЕКРЕТЫ СПОРТИВНЫХ
ДОСТИЖЕНИЙ (16+)
6.00 100 ВЕЛИКИХ (16+)
7.00 МУЛЬТФИЛЬМЫ
9.05 Х/Ф «СКАЗ ПРО ТО, КАК
ЦАРЬ ПЕТР АРАПА ЖЕ-
НИЛ»
11.10 ТОП-ГИР (16+)
13.30 УТИЛИЗАТОР (12+)
15.05 Х/Ф «ХАРЛИ ДЭВИДСОН
И КОВБОЙ МАЛЬБО-
РО»
17.00 ВЫЖИТЬ В ЛЕСУ. КРЫМ-
СКИЙ СЕЗОН (16+)
19.00 Х/Ф «ЖМУРКИ» (16+)
21.00 ХОРОШИЕ ШУТКИ (16+)
23.00 КВАРТИРНИК У МАРГУ-
ЛИСА (16+)
00.00 Х/Ф «ЛОЛИТА» (16+)
02.45 Х/Ф «КАК СНЕГ НАГОЛО-
ВУ» (12+)
04.30 100 ВЕЛИКИХ
ЧЕ
5.30 ЖИТЬ ВКУСНО (16+)
7.00 «ЖКХ ДЛЯ ЧЕЛОВЕКА»
(16+)
7.05 6 КАДРОВ (16+)
7.25 ПОГОДА (6+)
7.30 6 КАДРОВ (16+)
8.00 Х/Ф «ОДНАЖДЫ ДВАДЦАТЬ
ЛЕТ СПУСТЯ» (16+)
9.30 ДОМАШНЯЯ КУХНЯ (16+)
10.30 Х/Ф «ВАМ И НЕ СНИ-
ЛОСЬ...» (16+)
11.45 Х/Ф «МУЖЧИНА В МОЕЙ
ГОЛОВЕ» (16+)
14.10 Х/Ф «В ПОГОНЕ ЗА
ПРИСТАНИ», 1 И 2 СЕ-
РИИ (16+)
17.45 6 КАДРОВ (16+)
18.00 «ВКУС ЖИЗНИ» (16+)
18.25 ПОГОДА (6+)
18.30 «КУХНЯ» (12+)
19.00 Т/С «1001 НОЧЬ» (16+)
22.00 Х/Ф «НЕВЕСТА С ЗА-
ПРАВКИ», 1 И 2 СЕРИИ
(16+)
00.00 «ВКУС ЖИЗНИ» (16+)
00.30 Х/Ф «СУЖЕНЫЙ-РЯЖЕ-
НЫЙ» (16+)
02.25 «ЗВЕЗДНЫЕ ИСТОРИИ»
ЗВЕЗДА
6.00 Х/Ф «КРАСИВО ЖИТЬ НЕ
ЗАПРЕТИШЬ» (12+)
7.25 Х/Ф «ЗОЛОТЫЕ РОГА»
9.00 НОВОСТИ ДНЯ
9.15 ЛЕГЕНДЫ ЦИРКА (6+)
9.40 ПОСЛЕДНИЙ ДЕНЬ (12+)
10.30 НЕ ФАКТ! (6+)
11.00 «КРЫЛЬЯ РОССИИ» (6+)
12.05 Т/С «ЕРМАК», 1-5 СЕРИИ
(16+)
13.00 НОВОСТИ ДНЯ
13.15 Т/С «ЕРМАК», ПРОДОЛ-
ЖЕНИЕ (16+)
18.00 НОВОСТИ ДНЯ
18.20 ПРОЦЕСС (12+)
19.15 НОВАЯ ЗВЕЗДА. ВСЕ-
РОССИЙСКИЙ ВОКАЛЬНЫЙ
КОНКУРС
21.10 Х/Ф «ПРОФЕССИЯ -
СЛЕДОВАТЕЛЬ», 1-4
СЕРИИ (16+)
22.00 НОВОСТИ ДНЯ
22.20 Х/Ф «ПРОФЕССИЯ -
СЛЕДОВАТЕЛЬ», ПРО-
ДОЛЖЕНИЕ (16+)
04.15 Х/Ф «ЛИЧНОЕ ДЕЛО СУ-
ДЬИ ИВАНОВОЙ» (6+)
ОТВ
5.00 М/С «НУ, ПОГОДИ!»
5.30 «ДЕЙСТВУЮЩИЕ ЛИЦА»
6.00 «СОБЫТИЯ. ИТОГИ»
6.35 ПАТРУЛЬНЫЙ УЧАСТОК
6.55 «СОБЫТИЯ УРФО»
7.30 НОВОСТИ ТАУ
8.30 «ВРЕМЯ ОБЕДАТЬ»
9.00 «ТАЛАНТЫ И ПОКЛОН-
НИКИ» (12+)
10.20 М/Ф «ЗИМА В ПРОСТО-
КВАШИНО»
10.40 «В ГОСТЯХ У ДАЧИ»
11.00 «ВСЁ О ЖКХ» (16+)
11.30 «ВРЕМЯ ОБЕДАТЬ»
12.15 НАЦИОНАЛЬНОЕ ИЗ-
МЕРЕНИЕ
12.30 ПАТРУЛЬНЫЙ УЧАСТОК
13.00 «НАСЛЕДНИКИ УРАРТУ»
13.15 «ВСЕ О ЗАГОРОДНОЙ
ЖИЗНИ»
13.35 «РЕЦЕПТ» (16+)
14.10 Х/Ф «ГРОЗОВОЙ ПЕ-
РЕВАЛ»
16.45 «ГОРНЫЕ ВЕСТИ» (16+)
17.00 «ПРОКУРАТУРА. НА
СТРАЖЕ ЗАКОНА» (16+)
17.15 ПАТРУЛЬНЫЙ УЧАСТОК
17.45 «ГОРОД НА КАРТЕ»
18.10 ДЕТЕКТИВ «МЕТОД
ФРЕЙДА». 1-3 СЕРИИ
(16+)
21.00 «СОБЫТИЯ. ИТОГИ» (16+)
21.50 «ПОЛНЫЙ АБЗАЦ» (16+)
22.10 Х/Ф «МАЛАВИТА» (16+)
23.00 Х/Ф «ГРОЗОВОЙ ПЕ-
РЕВАЛ»
02.20 «МУЗЫКАЛЬНАЯ ЕВ-
РОПА»
03.05 Х/Ф «ЗА ВИТРИНОЙ
УНИВЕРМАГА»
5
6.00 МУЛЬТФИЛЬМЫ
9.35 ДЕНЬ АНГЕЛА
10.00 СЕЙЧАС
10.10 Т/С «СЛЕД» (16+)
11.05 Т/С «СЛЕД» (16+)
11.55 Т/С «СЛЕД» (16+)
12.40 Т/С «СЛЕД» (16+)
13.35 Т/С «СЛЕД» (16+)
14.20 Т/С «СЛЕД» (16+)
15.10 Т/С «СЛЕД» (16+)
16.00 Т/С «СЛЕД» (16+)
16.50 Т/С «СЛЕД» (16+)
17.40 Т/С «СЛЕД» (16+)
18.30 СЕЙЧАС
18.40 Т/С «МОСГАЗ» (16+)
04.35 Т/С «ХОРОШ. ПРОСТЫЕ
ПАРНИ - 5» (16+)
